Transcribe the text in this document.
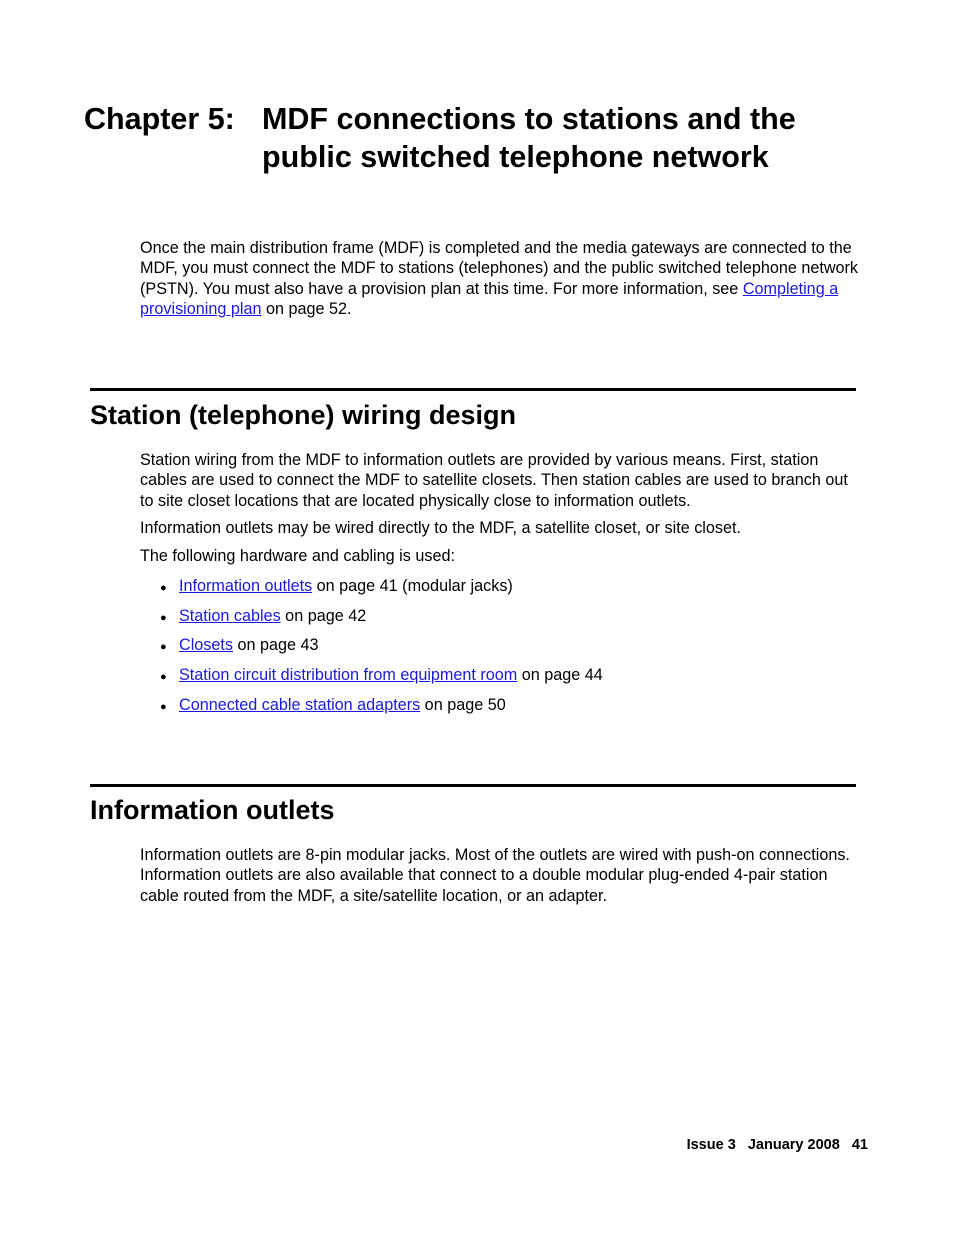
Chapter 5: MDF connections to stations and the public switched telephone network

Once the main distribution frame (MDF) is completed and the media gateways are connected to the MDF, you must connect the MDF to stations (telephones) and the public switched telephone network (PSTN). You must also have a provision plan at this time. For more information, see Completing a provisioning plan on page 52.

Station (telephone) wiring design

Station wiring from the MDF to information outlets are provided by various means. First, station cables are used to connect the MDF to satellite closets. Then station cables are used to branch out to site closet locations that are located physically close to information outlets.

Information outlets may be wired directly to the MDF, a satellite closet, or site closet.

The following hardware and cabling is used:

● Information outlets on page 41 (modular jacks)
● Station cables on page 42
● Closets on page 43
● Station circuit distribution from equipment room on page 44
● Connected cable station adapters on page 50
Information outlets

Information outlets are 8-pin modular jacks. Most of the outlets are wired with push-on connections. Information outlets are also available that connect to a double modular plug-ended 4-pair station cable routed from the MDF, a site/satellite location, or an adapter.

Issue 3 January 2008 41
